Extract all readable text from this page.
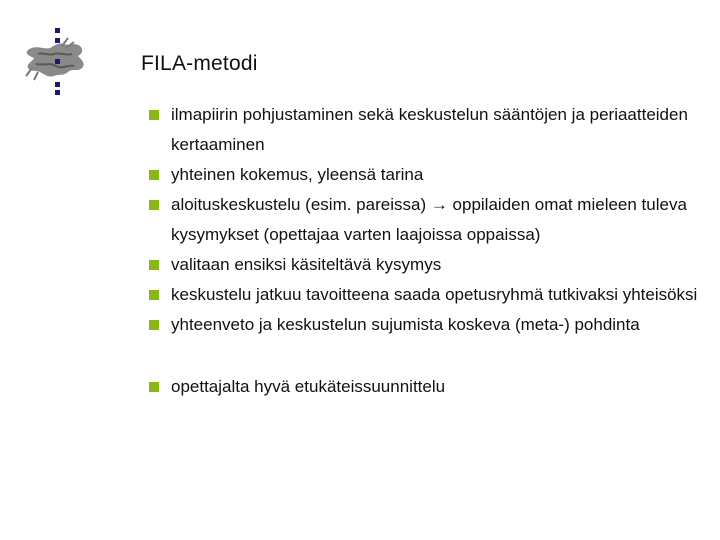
FILA-metodi
ilmapiirin pohjustaminen sekä keskustelun sääntöjen ja periaatteiden kertaaminen
yhteinen kokemus, yleensä tarina
aloituskeskustelu (esim. pareissa) → oppilaiden omat mieleen tuleva kysymykset (opettajaa varten laajoissa oppaissa)
valitaan ensiksi käsiteltävä kysymys
keskustelu jatkuu tavoitteena saada opetusryhmä tutkivaksi yhteisöksi
yhteenveto ja keskustelun sujumista koskeva (meta-) pohdinta
opettajalta hyvä etukäteissuunnittelu
